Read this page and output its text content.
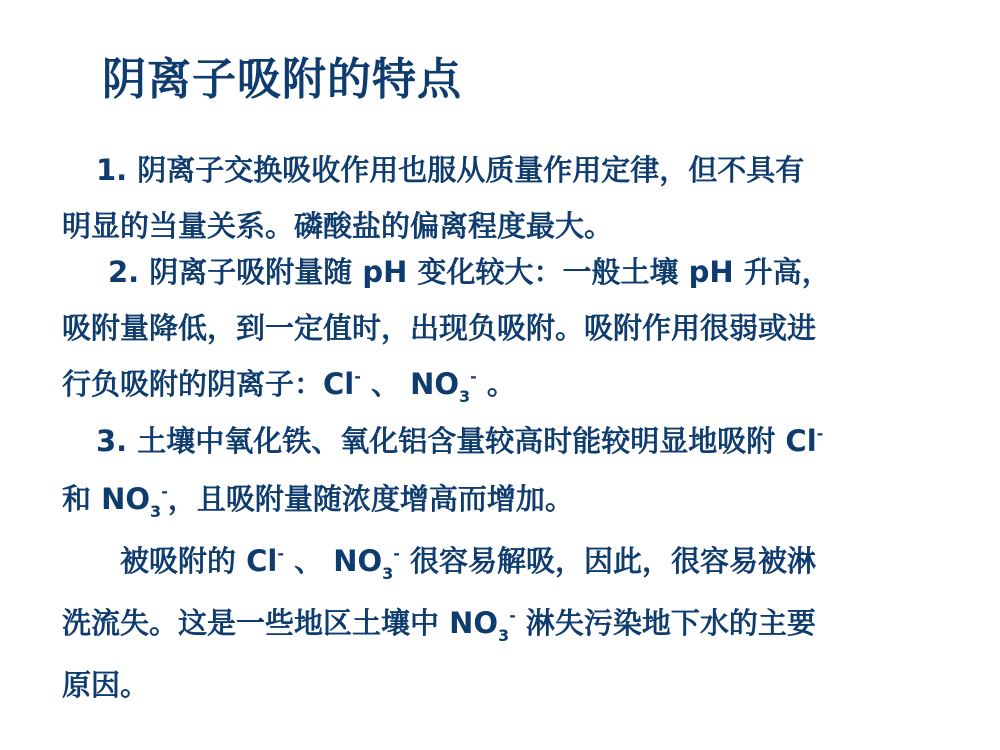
阴离子吸附的特点
1. 阴离子交换吸收作用也服从质量作用定律，但不具有
明显的当量关系。磷酸盐的偏离程度最大。
2. 阴离子吸附量随 pH 变化较大：一般土壤 pH 升高，
吸附量降低，到一定值时，出现负吸附。吸附作用很弱或进
行负吸附的阴离子：Cl- 、 $NO_3^-$ 。
3. 土壤中氧化铁、氧化铝含量较高时能较明显地吸附 Cl-
和 $NO_3^-$，且吸附量随浓度增高而增加。
被吸附的 Cl- 、 $NO_3^-$ 很容易解吸，因此，很容易被淋
洗流失。这是一些地区土壤中 $NO_3^-$ 淋失污染地下水的主要
原因。
